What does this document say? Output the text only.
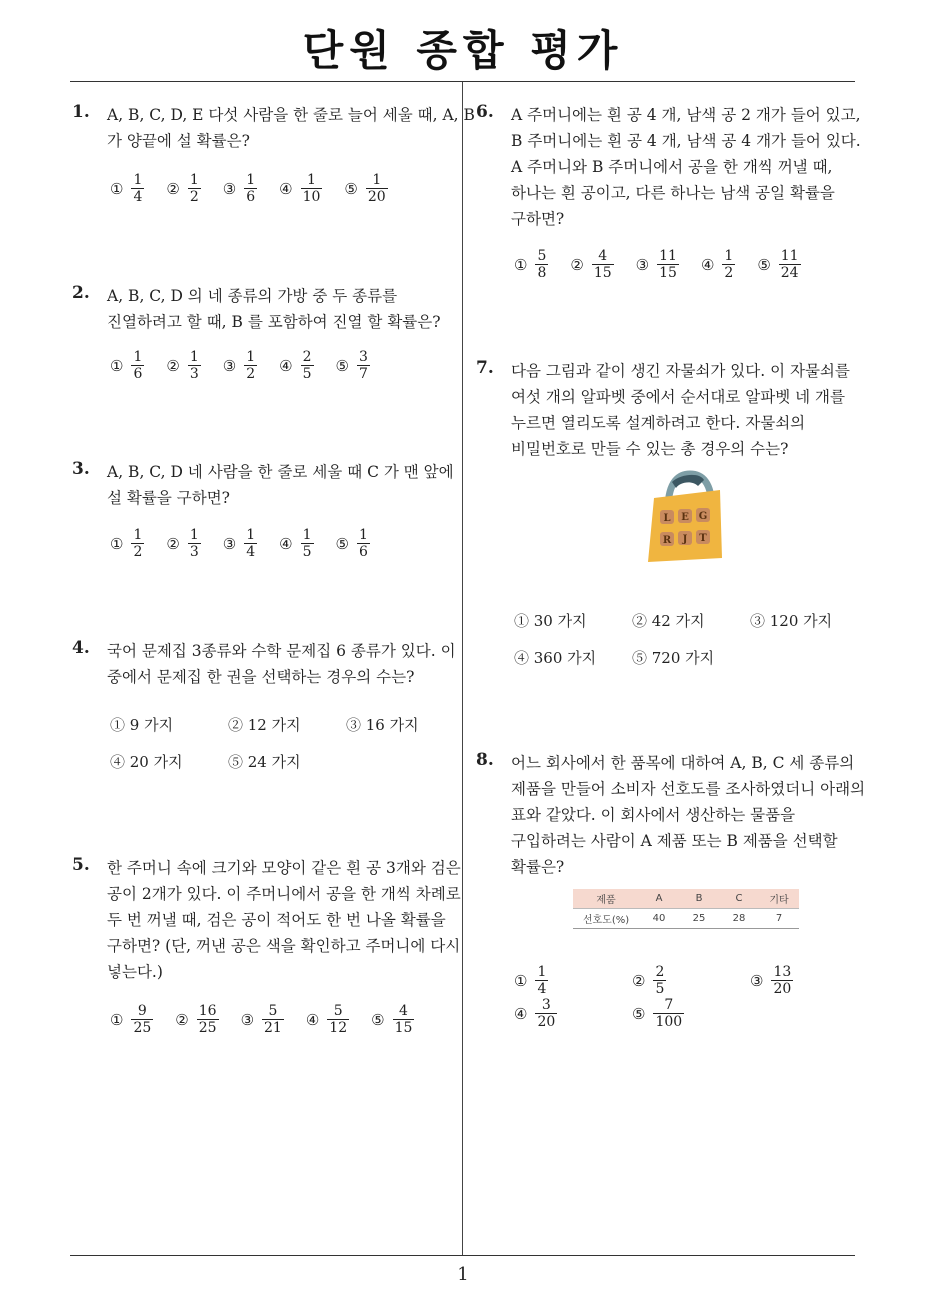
단원 종합 평가
1
1. A, B, C, D, E 다섯 사람을 한 줄로 늘어 세울 때, A, B
가 양끝에 설 확률은?
① $\frac{1}{4}$ ② $\frac{1}{2}$ ③ $\frac{1}{6}$ ④ $\frac{1}{10}$ ⑤ $\frac{1}{20}$
2. A, B, C, D 의 네 종류의 가방 중 두 종류를
진열하려고 할 때, B 를 포함하여 진열 할 확률은?
① $\frac{1}{6}$ ② $\frac{1}{3}$ ③ $\frac{1}{2}$ ④ $\frac{2}{5}$ ⑤ $\frac{3}{7}$
3. A, B, C, D 네 사람을 한 줄로 세울 때 C 가 맨 앞에
설 확률을 구하면?
① $\frac{1}{2}$ ② $\frac{1}{3}$ ③ $\frac{1}{4}$ ④ $\frac{1}{5}$ ⑤ $\frac{1}{6}$
4. 국어 문제집 3종류와 수학 문제집 6 종류가 있다. 이
중에서 문제집 한 권을 선택하는 경우의 수는?
① 9 가지	② 12 가지	③ 16 가지
④ 20 가지	⑤ 24 가지
5. 한 주머니 속에 크기와 모양이 같은 흰 공 3개와 검은
공이 2개가 있다. 이 주머니에서 공을 한 개씩 차례로
두 번 꺼낼 때, 검은 공이 적어도 한 번 나올 확률을
구하면? (단, 꺼낸 공은 색을 확인하고 주머니에 다시
넣는다.)
① $\frac{9}{25}$ ② $\frac{16}{25}$ ③ $\frac{5}{21}$ ④ $\frac{5}{12}$ ⑤ $\frac{4}{15}$
6. A 주머니에는 흰 공 4 개, 남색 공 2 개가 들어 있고,
B 주머니에는 흰 공 4 개, 남색 공 4 개가 들어 있다.
A 주머니와 B 주머니에서 공을 한 개씩 꺼낼 때,
하나는 흰 공이고, 다른 하나는 남색 공일 확률을
구하면?
① $\frac{5}{8}$ ② $\frac{4}{15}$ ③ $\frac{11}{15}$ ④ $\frac{1}{2}$ ⑤ $\frac{11}{24}$
7. 다음 그림과 같이 생긴 자물쇠가 있다. 이 자물쇠를
여섯 개의 알파벳 중에서 순서대로 알파벳 네 개를
누르면 열리도록 설계하려고 한다. 자물쇠의
비밀번호로 만들 수 있는 총 경우의 수는?
① 30 가지	② 42 가지	③ 120 가지
④ 360 가지	⑤ 720 가지
L E G
R J T
8. 어느 회사에서 한 품목에 대하여 A, B, C 세 종류의
제품을 만들어 소비자 선호도를 조사하였더니 아래의
표와 같았다. 이 회사에서 생산하는 물품을
구입하려는 사람이 A 제품 또는 B 제품을 선택할
확률은?
① $\frac{1}{4}$	② $\frac{2}{5}$	③ $\frac{13}{20}$
④ $\frac{3}{20}$	⑤ $\frac{7}{100}$
제품	A	B	C	기타
선호도(%)	40	25	28	7
